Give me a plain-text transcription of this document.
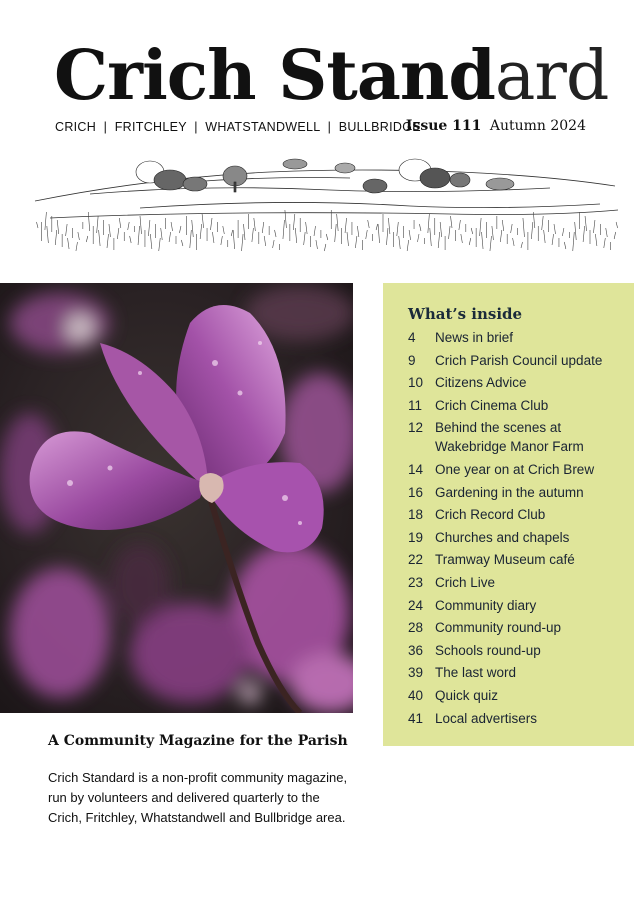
Crich Standard
CRICH  |  FRITCHLEY  |  WHATSTANDWELL  |  BULLBRIDGE
Issue 111 Autumn 2024
What’s inside
4	News in brief
9	Crich Parish Council update
10 Citizens Advice
11 Crich Cinema Club
12 Behind the scenes at Wakebridge Manor Farm
14 One year on at Crich Brew
16 Gardening in the autumn
18 Crich Record Club
19 Churches and chapels
22 Tramway Museum café
23 Crich Live
24 Community diary
28 Community round-up
36 Schools round-up
39 The last word
40 Quick quiz
41 Local advertisers
A Community Magazine for the Parish

Crich Standard is a non-profit community magazine, run by volunteers and delivered quarterly to the Crich, Fritchley, Whatstandwell and Bullbridge area.
